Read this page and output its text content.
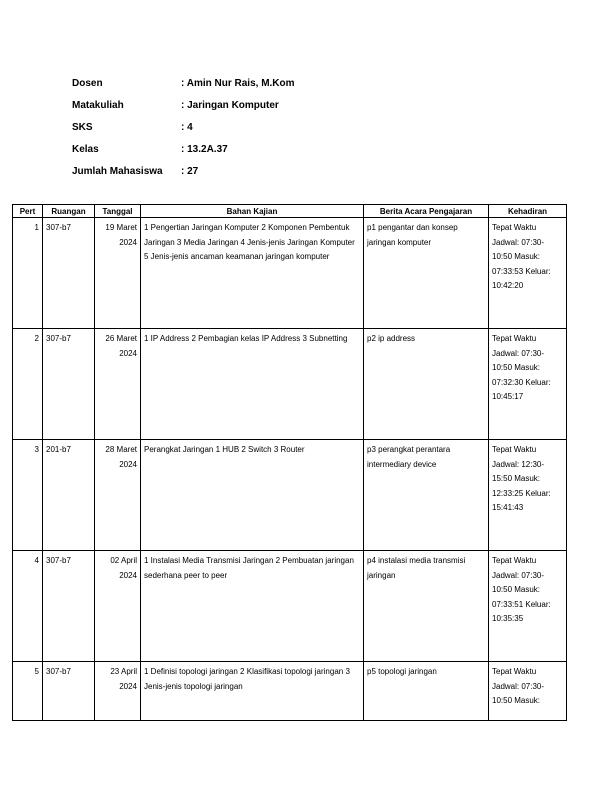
Dosen	: Amin Nur Rais, M.Kom
Matakuliah	: Jaringan Komputer
SKS	: 4
Kelas	: 13.2A.37
Jumlah Mahasiswa	: 27
Pert	Ruangan	Tanggal	Bahan Kajian	Berita Acara Pengajaran	Kehadiran
1	307-b7	19 Maret 2024	1 Pengertian Jaringan Komputer 2 Komponen Pembentuk Jaringan 3 Media Jaringan 4 Jenis-jenis Jaringan Komputer 5 Jenis-jenis ancaman keamanan jaringan komputer	p1 pengantar dan konsep jaringan komputer	Tepat Waktu Jadwal: 07:30-10:50 Masuk: 07:33:53 Keluar: 10:42:20
2	307-b7	26 Maret 2024	1 IP Address 2 Pembagian kelas IP Address 3 Subnetting	p2 ip address	Tepat Waktu Jadwal: 07:30-10:50 Masuk: 07:32:30 Keluar: 10:45:17
3	201-b7	28 Maret 2024	Perangkat Jaringan 1 HUB 2 Switch 3 Router	p3 perangkat perantara intermediary device	Tepat Waktu Jadwal: 12:30-15:50 Masuk: 12:33:25 Keluar: 15:41:43
4	307-b7	02 April 2024	1 Instalasi Media Transmisi Jaringan 2 Pembuatan jaringan sederhana peer to peer	p4 instalasi media transmisi jaringan	Tepat Waktu Jadwal: 07:30-10:50 Masuk: 07:33:51 Keluar: 10:35:35
5	307-b7	23 April 2024	1 Definisi topologi jaringan 2 Klasifikasi topologi jaringan 3 Jenis-jenis topologi jaringan	p5 topologi jaringan	Tepat Waktu Jadwal: 07:30-10:50 Masuk:
